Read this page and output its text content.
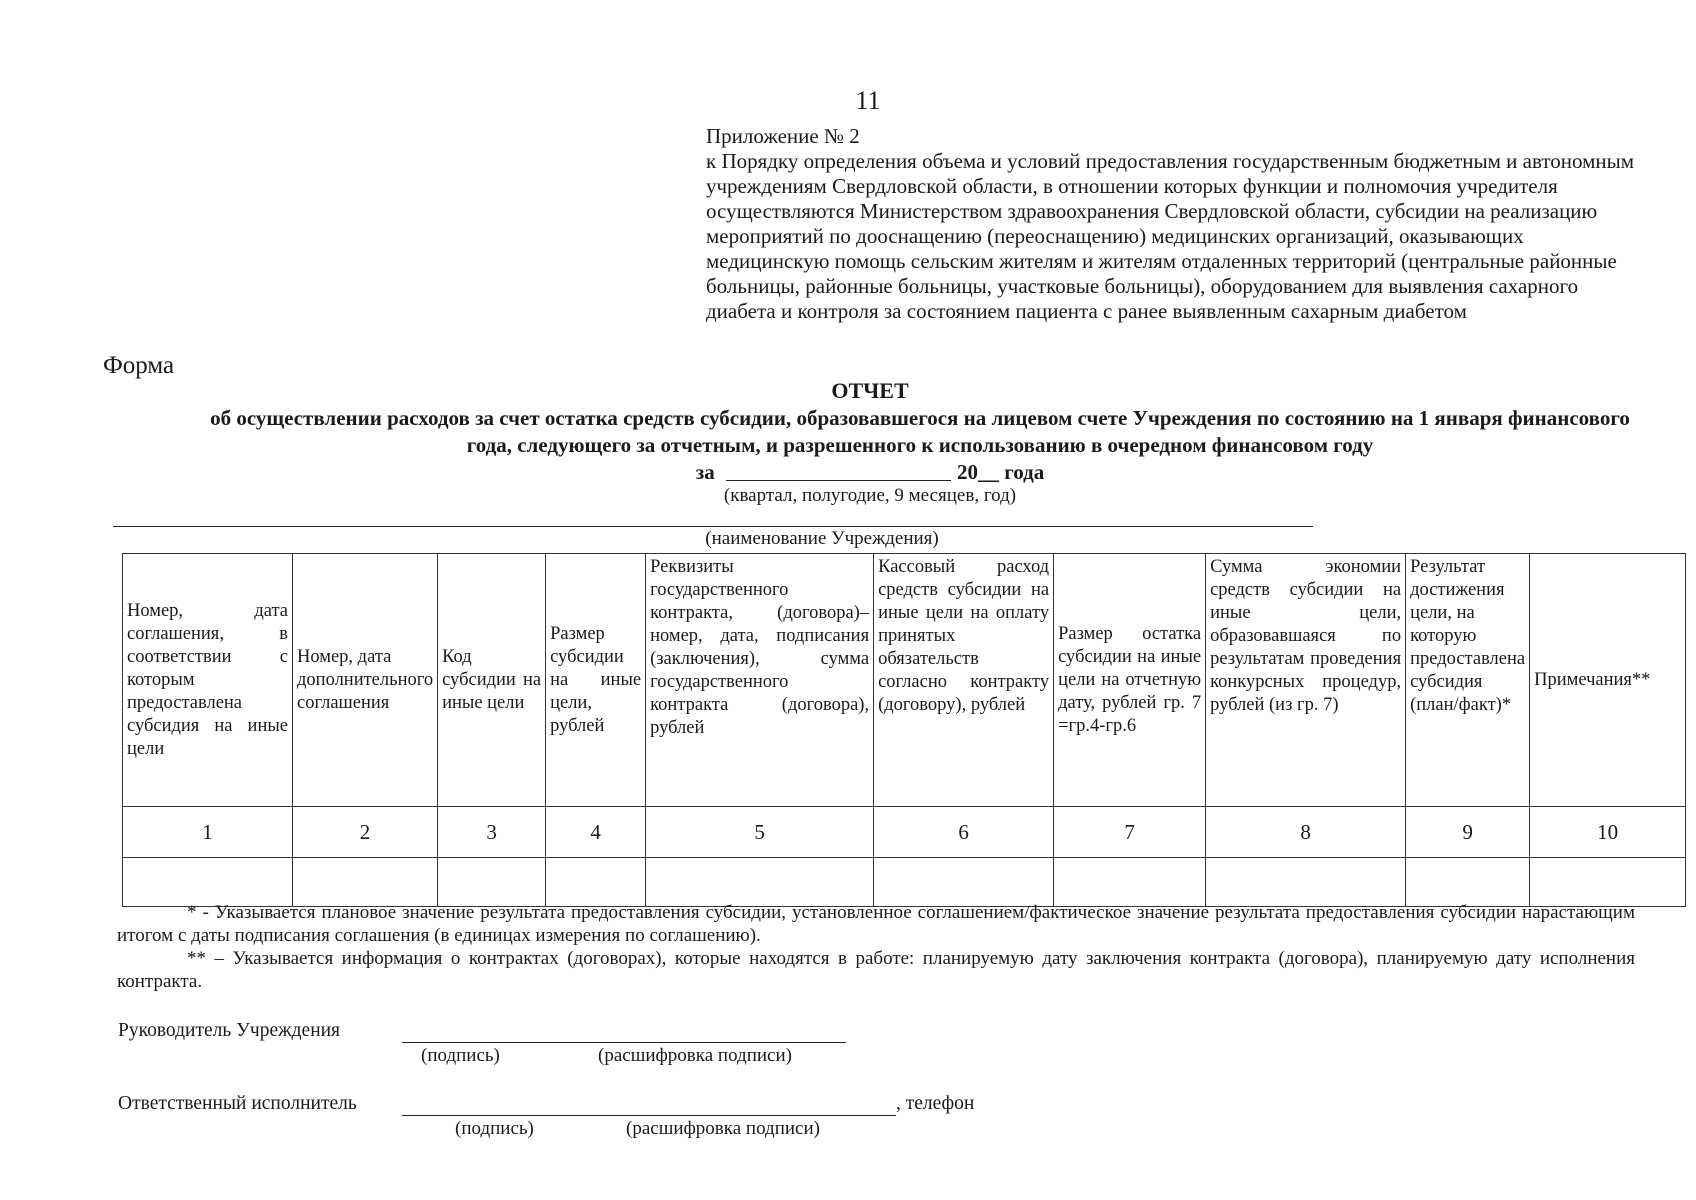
11
Приложение № 2
к Порядку определения объема и условий предоставления государственным бюджетным и автономным учреждениям Свердловской области, в отношении которых функции и полномочия учредителя осуществляются Министерством здравоохранения Свердловской области, субсидии на реализацию мероприятий по дооснащению (переоснащению) медицинских организаций, оказывающих медицинскую помощь сельским жителям и жителям отдаленных территорий (центральные районные больницы, районные больницы, участковые больницы), оборудованием для выявления сахарного диабета и контроля за состоянием пациента с ранее выявленным сахарным диабетом
Форма
ОТЧЕТ
об осуществлении расходов за счет остатка средств субсидии, образовавшегося на лицевом счете Учреждения по состоянию на 1 января финансового года, следующего за отчетным, и разрешенного к использованию в очередном финансовом году
за	20__ года
(квартал, полугодие, 9 месяцев, год)
(наименование Учреждения)
Номер, дата соглашения, в соответствии с которым предоставлена субсидия на иные цели	Номер, дата дополнительного соглашения	Код субсидии на иные цели	Размер субсидии на иные цели, рублей	Реквизиты государственного контракта, (договора)– номер, дата, подписания (заключения), сумма государственного контракта (договора), рублей	Кассовый расход средств субсидии на иные цели на оплату принятых обязательств согласно контракту (договору), рублей	Размер остатка субсидии на иные цели на отчетную дату, рублей гр. 7 =гр.4-гр.6	Сумма экономии средств субсидии на иные цели, образовавшаяся по результатам проведения конкурсных процедур, рублей (из гр. 7)	Результат достижения цели, на которую предоставлена субсидия (план/факт)*	Примечания**
1	2	3	4	5	6	7	8	9	10

* - Указывается плановое значение результата предоставления субсидии, установленное соглашением/фактическое значение результата предоставления субсидии нарастающим итогом с даты подписания соглашения (в единицах измерения по соглашению).
** – Указывается информация о контрактах (договорах), которые находятся в работе: планируемую дату заключения контракта (договора), планируемую дату исполнения контракта.
Руководитель Учреждения
(подпись)	(расшифровка подписи)
Ответственный исполнитель	, телефон
(подпись)	(расшифровка подписи)
